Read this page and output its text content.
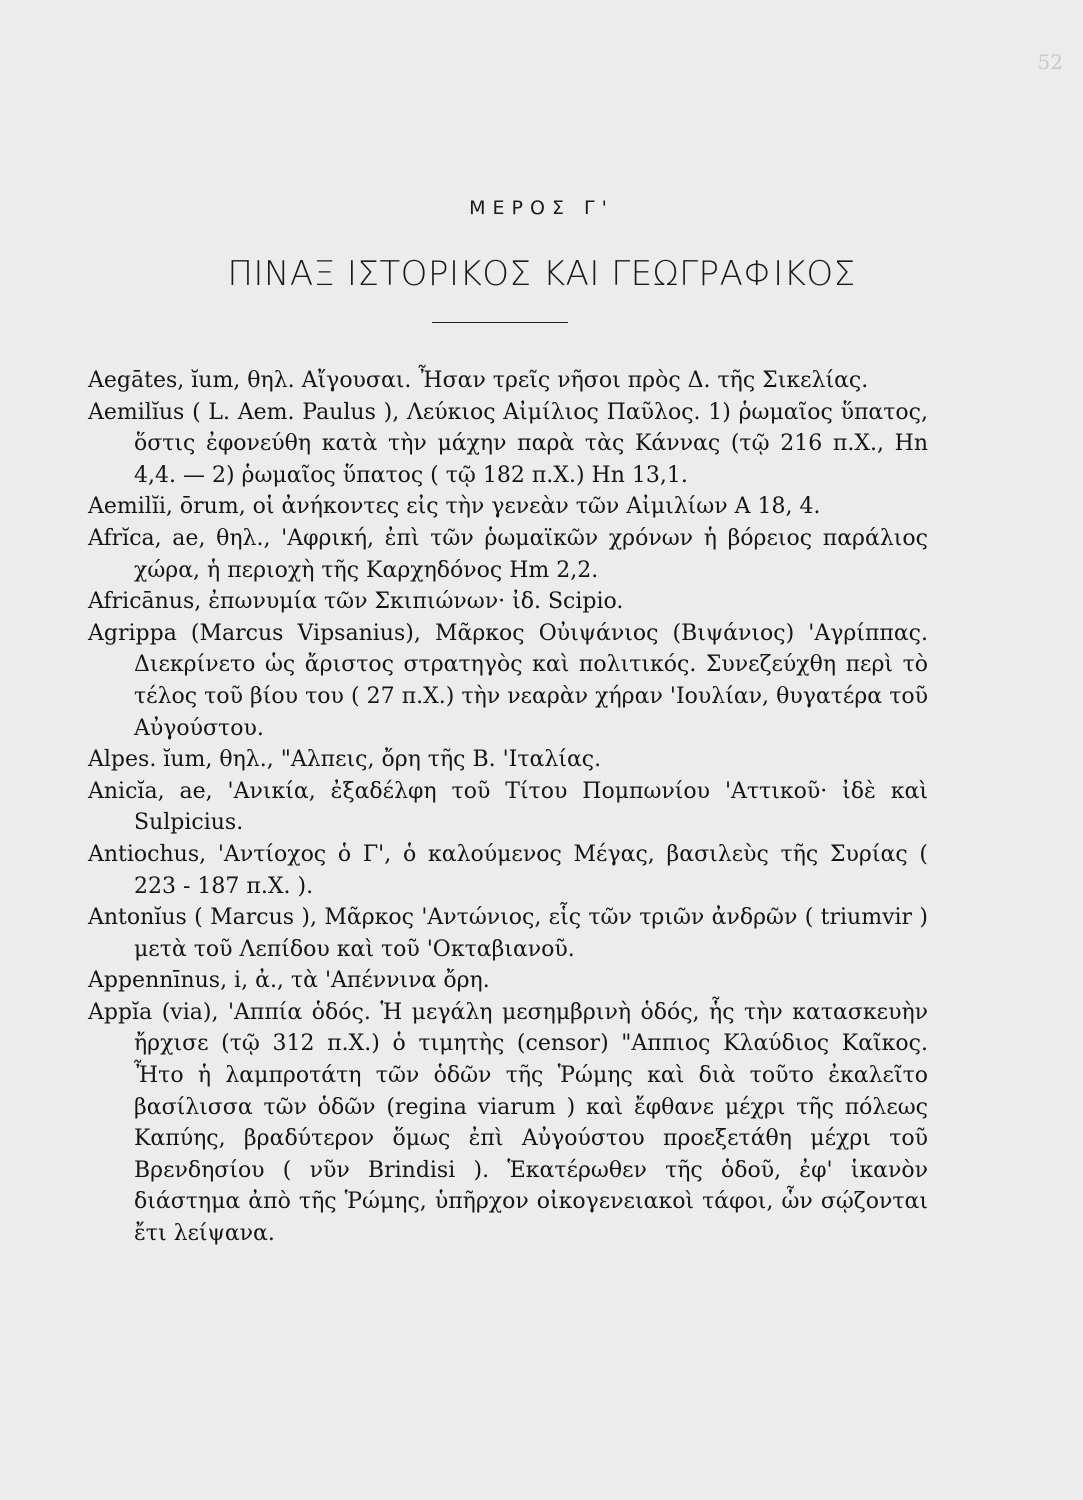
52
ΜΕΡΟΣ Γ'
ΠΙΝΑΞ ΙΣΤΟΡΙΚΟΣ ΚΑΙ ΓΕΩΓΡΑΦΙΚΟΣ

Aegātes, ĭum, θηλ. Αἴγουσαι. Ἦσαν τρεῖς νῆσοι πρὸς Δ. τῆς Σικελίας.

Aemilĭus ( L. Aem. Paulus ), Λεύκιος Αἰμίλιος Παῦλος. 1) ῥωμαῖος ὕπατος, ὅστις ἐφονεύθη κατὰ τὴν μάχην παρὰ τὰς Κάννας (τῷ 216 π.Χ., Hn 4,4. — 2) ῥωμαῖος ὕπατος ( τῷ 182 π.Χ.) Hn 13,1.

Aemilĭi, ōrum, οἱ ἀνήκοντες εἰς τὴν γενεὰν τῶν Αἰμιλίων A 18, 4.

Afrĭca, ae, θηλ., 'Αφρική, ἐπὶ τῶν ῥωμαϊκῶν χρόνων ἡ βόρειος παράλιος χώρα, ἡ περιοχὴ τῆς Καρχηδόνος Hm 2,2.

Africānus, ἐπωνυμία τῶν Σκιπιώνων· ἰδ. Scipio.

Agrippa (Marcus Vipsanius), Μᾶρκος Οὐιψάνιος (Βιψάνιος) 'Αγρίππας. Διεκρίνετο ὡς ἄριστος στρατηγὸς καὶ πολιτικός. Συνεζεύχθη περὶ τὸ τέλος τοῦ βίου του ( 27 π.Χ.) τὴν νεαρὰν χήραν 'Ιουλίαν, θυγατέρα τοῦ Αὐγούστου.

Alpes. ĭum, θηλ., "Αλπεις, ὄρη τῆς Β. 'Ιταλίας.

Anicĭa, ae, 'Ανικία, ἐξαδέλφη τοῦ Τίτου Πομπωνίου 'Αττικοῦ· ἰδὲ καὶ Sulpicius.

Antiochus, 'Αντίοχος ὁ Γ', ὁ καλούμενος Μέγας, βασιλεὺς τῆς Συρίας ( 223 - 187 π.Χ. ).

Antonĭus ( Marcus ), Μᾶρκος 'Αντώνιος, εἷς τῶν τριῶν ἀνδρῶν ( triumvir ) μετὰ τοῦ Λεπίδου καὶ τοῦ 'Οκταβιανοῦ.

Appennīnus, i, ἀ., τὰ 'Απέννινα ὄρη.

Appĭa (via), 'Αππία ὁδός. Ἡ μεγάλη μεσημβρινὴ ὁδός, ἧς τὴν κατασκευὴν ἤρχισε (τῷ 312 π.Χ.) ὁ τιμητὴς (censor) "Αππιος Κλαύδιος Καῖκος. Ἦτο ἡ λαμπροτάτη τῶν ὁδῶν τῆς Ῥώμης καὶ διὰ τοῦτο ἐκαλεῖτο βασίλισσα τῶν ὁδῶν (regina viarum ) καὶ ἔφθανε μέχρι τῆς πόλεως Καπύης, βραδύτερον ὅμως ἐπὶ Αὐγούστου προεξετάθη μέχρι τοῦ Βρενδησίου ( νῦν Brindisi ). Ἑκατέρωθεν τῆς ὁδοῦ, ἐφ' ἱκανὸν διάστημα ἀπὸ τῆς Ῥώμης, ὑπῆρχον οἰκογενειακοὶ τάφοι, ὧν σῴζονται ἔτι λείψανα.
